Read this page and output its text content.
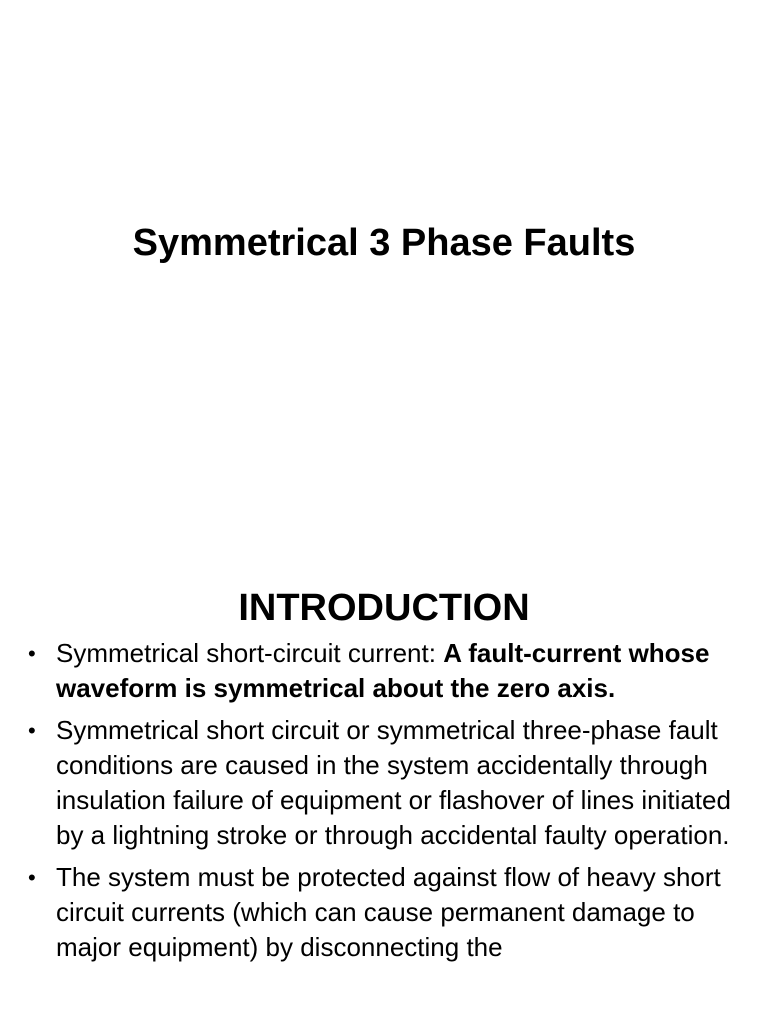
Symmetrical 3 Phase Faults
INTRODUCTION
• Symmetrical short-circuit current: A fault-current whose waveform is symmetrical about the zero axis.
• Symmetrical short circuit or symmetrical three-phase fault conditions are caused in the system accidentally through insulation failure of equipment or flashover of lines initiated by a lightning stroke or through accidental faulty operation.
• The system must be protected against flow of heavy short circuit currents (which can cause permanent damage to major equipment) by disconnecting the
